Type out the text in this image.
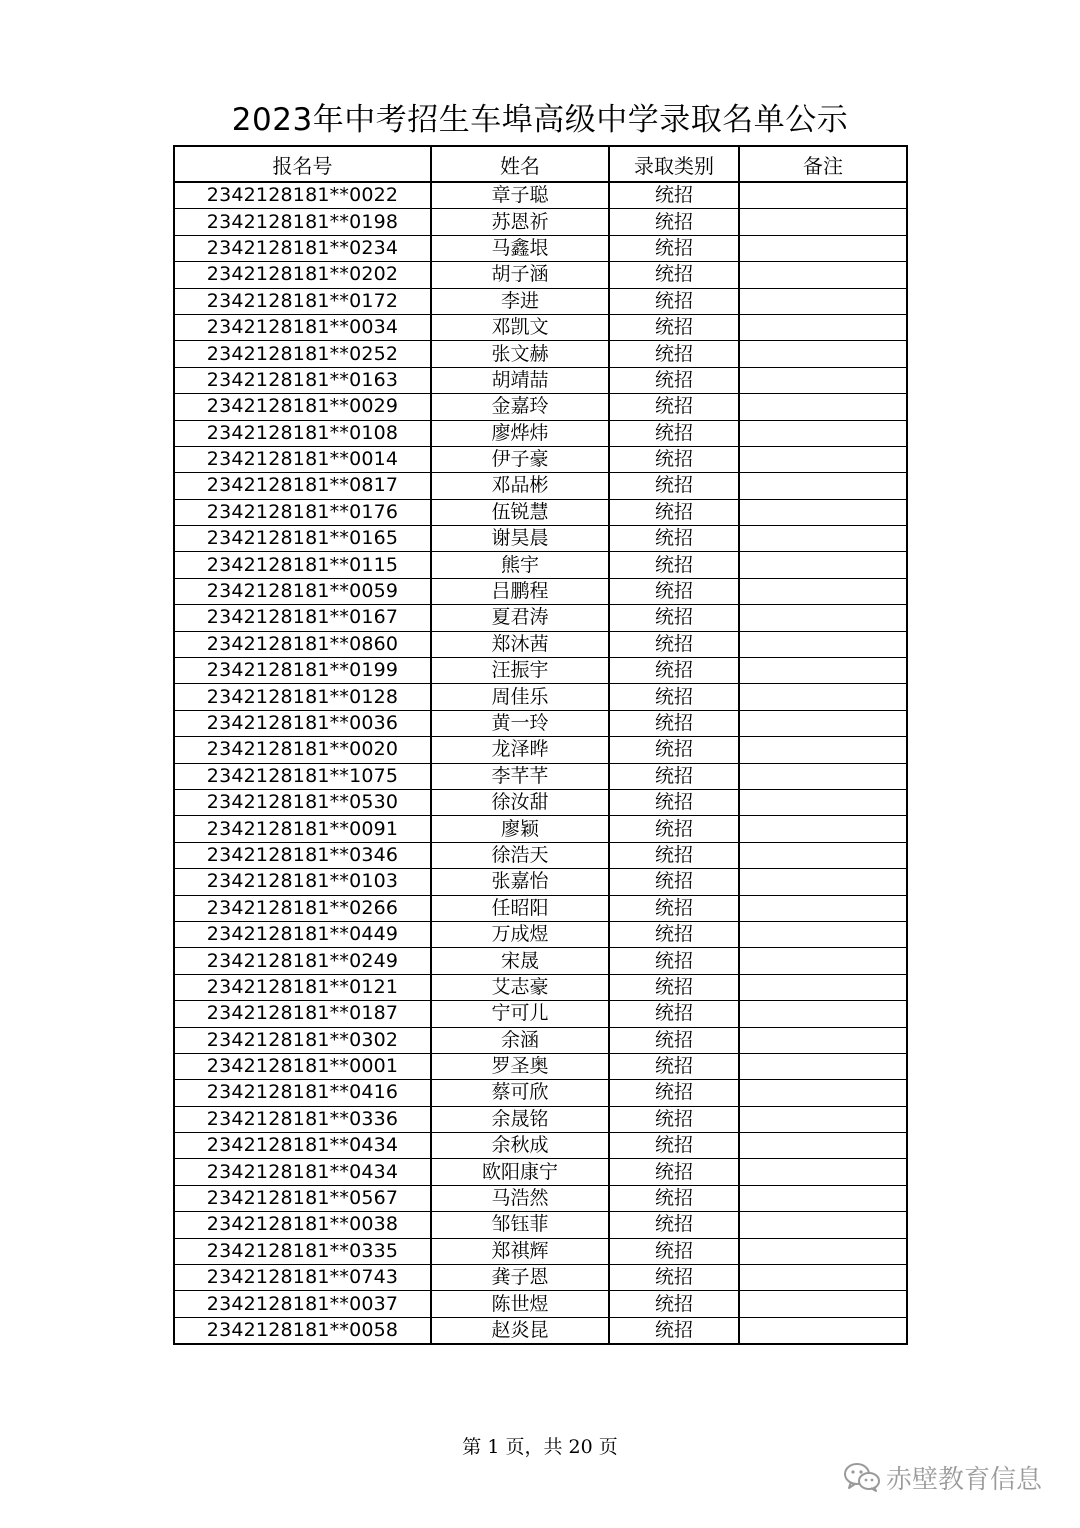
2023年中考招生车埠高级中学录取名单公示
报名号	姓名	录取类别	备注
2342128181**0022	章子聪	统招	
2342128181**0198	苏恩祈	统招	
2342128181**0234	马鑫垠	统招	
2342128181**0202	胡子涵	统招	
2342128181**0172	李进	统招	
2342128181**0034	邓凯文	统招	
2342128181**0252	张文赫	统招	
2342128181**0163	胡靖喆	统招	
2342128181**0029	金嘉玲	统招	
2342128181**0108	廖烨炜	统招	
2342128181**0014	伊子豪	统招	
2342128181**0817	邓品彬	统招	
2342128181**0176	伍锐慧	统招	
2342128181**0165	谢昊晨	统招	
2342128181**0115	熊宇	统招	
2342128181**0059	吕鹏程	统招	
2342128181**0167	夏君涛	统招	
2342128181**0860	郑沐茜	统招	
2342128181**0199	汪振宇	统招	
2342128181**0128	周佳乐	统招	
2342128181**0036	黄一玲	统招	
2342128181**0020	龙泽晔	统招	
2342128181**1075	李芊芊	统招	
2342128181**0530	徐汝甜	统招	
2342128181**0091	廖颖	统招	
2342128181**0346	徐浩天	统招	
2342128181**0103	张嘉怡	统招	
2342128181**0266	任昭阳	统招	
2342128181**0449	万成煜	统招	
2342128181**0249	宋晟	统招	
2342128181**0121	艾志豪	统招	
2342128181**0187	宁可儿	统招	
2342128181**0302	余涵	统招	
2342128181**0001	罗圣奥	统招	
2342128181**0416	蔡可欣	统招	
2342128181**0336	余晟铭	统招	
2342128181**0434	余秋成	统招	
2342128181**0434	欧阳康宁	统招	
2342128181**0567	马浩然	统招	
2342128181**0038	邹钰菲	统招	
2342128181**0335	郑祺辉	统招	
2342128181**0743	龚子恩	统招	
2342128181**0037	陈世煜	统招	
2342128181**0058	赵炎昆	统招	
第 1 页，共 20 页
赤壁教育信息
